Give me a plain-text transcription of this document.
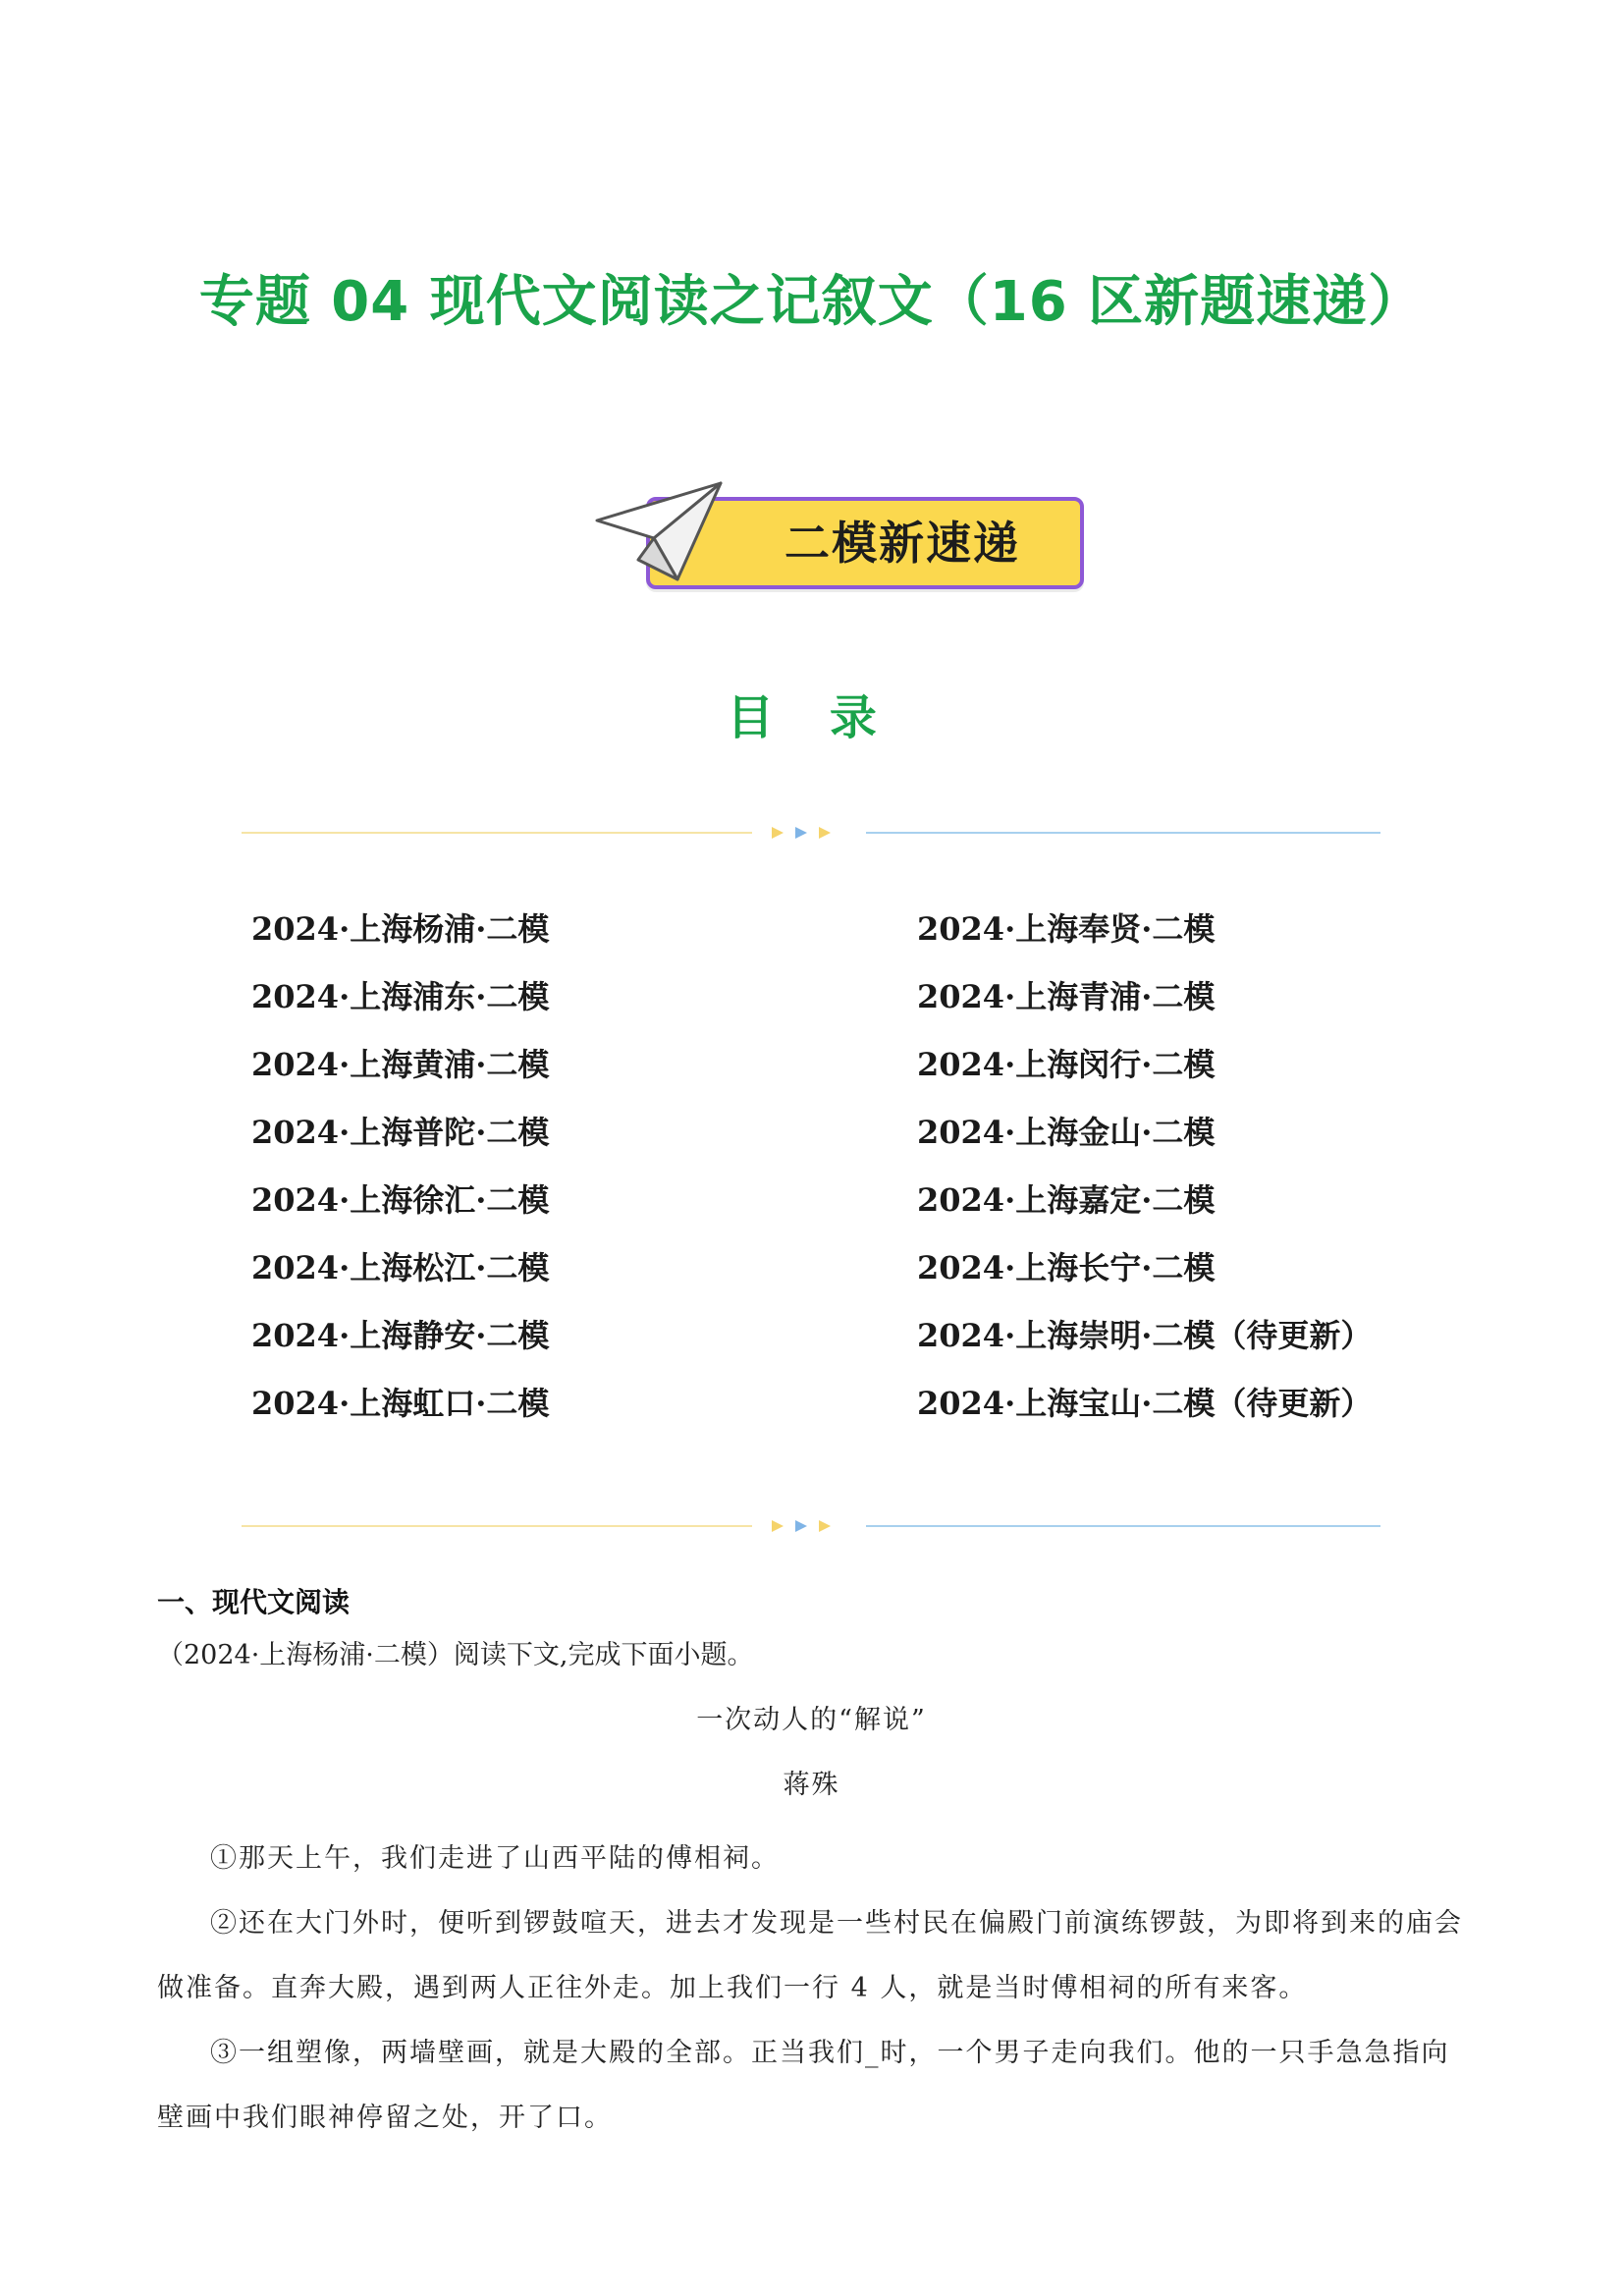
专题 04 现代文阅读之记叙文（16 区新题速递）
二模新速递
目 录
2024·上海杨浦·二模
2024·上海浦东·二模
2024·上海黄浦·二模
2024·上海普陀·二模
2024·上海徐汇·二模
2024·上海松江·二模
2024·上海静安·二模
2024·上海虹口·二模
2024·上海奉贤·二模
2024·上海青浦·二模
2024·上海闵行·二模
2024·上海金山·二模
2024·上海嘉定·二模
2024·上海长宁·二模
2024·上海崇明·二模（待更新）
2024·上海宝山·二模（待更新）
一、现代文阅读
（2024·上海杨浦·二模）阅读下文,完成下面小题。
一次动人的“解说”
蒋殊

①那天上午，我们走进了山西平陆的傅相祠。

②还在大门外时，便听到锣鼓喧天，进去才发现是一些村民在偏殿门前演练锣鼓，为即将到来的庙会做准备。直奔大殿，遇到两人正往外走。加上我们一行 4 人，就是当时傅相祠的所有来客。

③一组塑像，两墙壁画，就是大殿的全部。正当我们_时，一个男子走向我们。他的一只手急急指向壁画中我们眼神停留之处，开了口。
